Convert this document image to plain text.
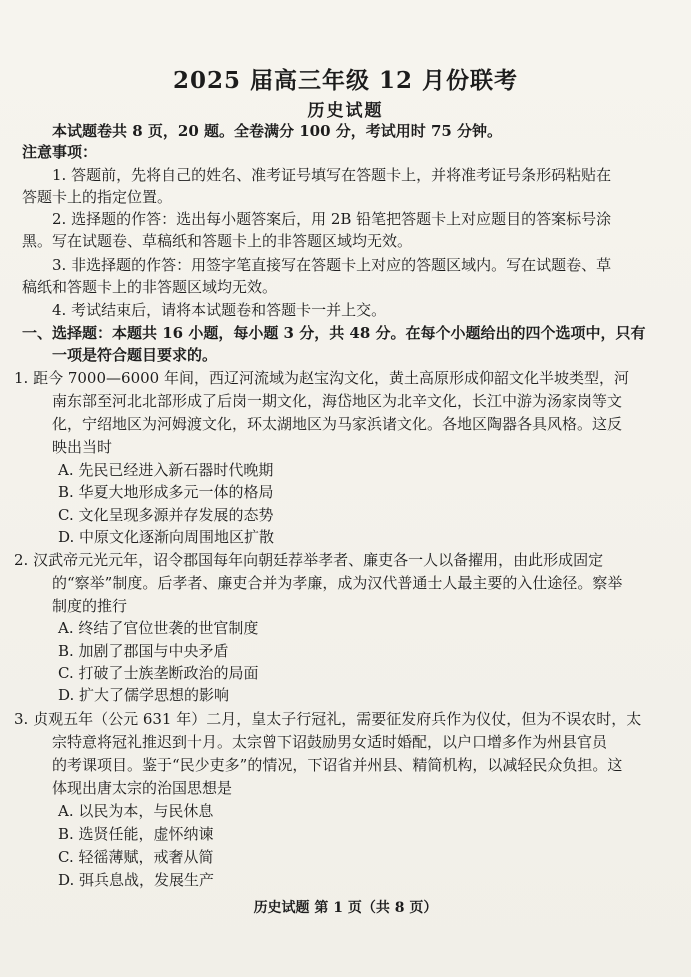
2025 届高三年级 12 月份联考
历史试题
本试题卷共 8 页，20 题。全卷满分 100 分，考试用时 75 分钟。
注意事项：
1. 答题前，先将自己的姓名、准考证号填写在答题卡上，并将准考证号条形码粘贴在
答题卡上的指定位置。
2. 选择题的作答：选出每小题答案后，用 2B 铅笔把答题卡上对应题目的答案标号涂
黑。写在试题卷、草稿纸和答题卡上的非答题区域均无效。
3. 非选择题的作答：用签字笔直接写在答题卡上对应的答题区域内。写在试题卷、草
稿纸和答题卡上的非答题区域均无效。
4. 考试结束后，请将本试题卷和答题卡一并上交。
一、选择题：本题共 16 小题，每小题 3 分，共 48 分。在每个小题给出的四个选项中，只有
一项是符合题目要求的。
1. 距今 7000—6000 年间，西辽河流域为赵宝沟文化，黄土高原形成仰韶文化半坡类型，河
南东部至河北北部形成了后岗一期文化，海岱地区为北辛文化，长江中游为汤家岗等文
化，宁绍地区为河姆渡文化，环太湖地区为马家浜诸文化。各地区陶器各具风格。这反
映出当时
A. 先民已经进入新石器时代晚期
B. 华夏大地形成多元一体的格局
C. 文化呈现多源并存发展的态势
D. 中原文化逐渐向周围地区扩散
2. 汉武帝元光元年，诏令郡国每年向朝廷荐举孝者、廉吏各一人以备擢用，由此形成固定
的“察举”制度。后孝者、廉吏合并为孝廉，成为汉代普通士人最主要的入仕途径。察举
制度的推行
A. 终结了官位世袭的世官制度
B. 加剧了郡国与中央矛盾
C. 打破了士族垄断政治的局面
D. 扩大了儒学思想的影响
3. 贞观五年（公元 631 年）二月，皇太子行冠礼，需要征发府兵作为仪仗，但为不误农时，太
宗特意将冠礼推迟到十月。太宗曾下诏鼓励男女适时婚配，以户口增多作为州县官员
的考课项目。鉴于“民少吏多”的情况，下诏省并州县、精简机构，以减轻民众负担。这
体现出唐太宗的治国思想是
A. 以民为本，与民休息
B. 选贤任能，虚怀纳谏
C. 轻徭薄赋，戒奢从简
D. 弭兵息战，发展生产
历史试题 第 1 页（共 8 页）
